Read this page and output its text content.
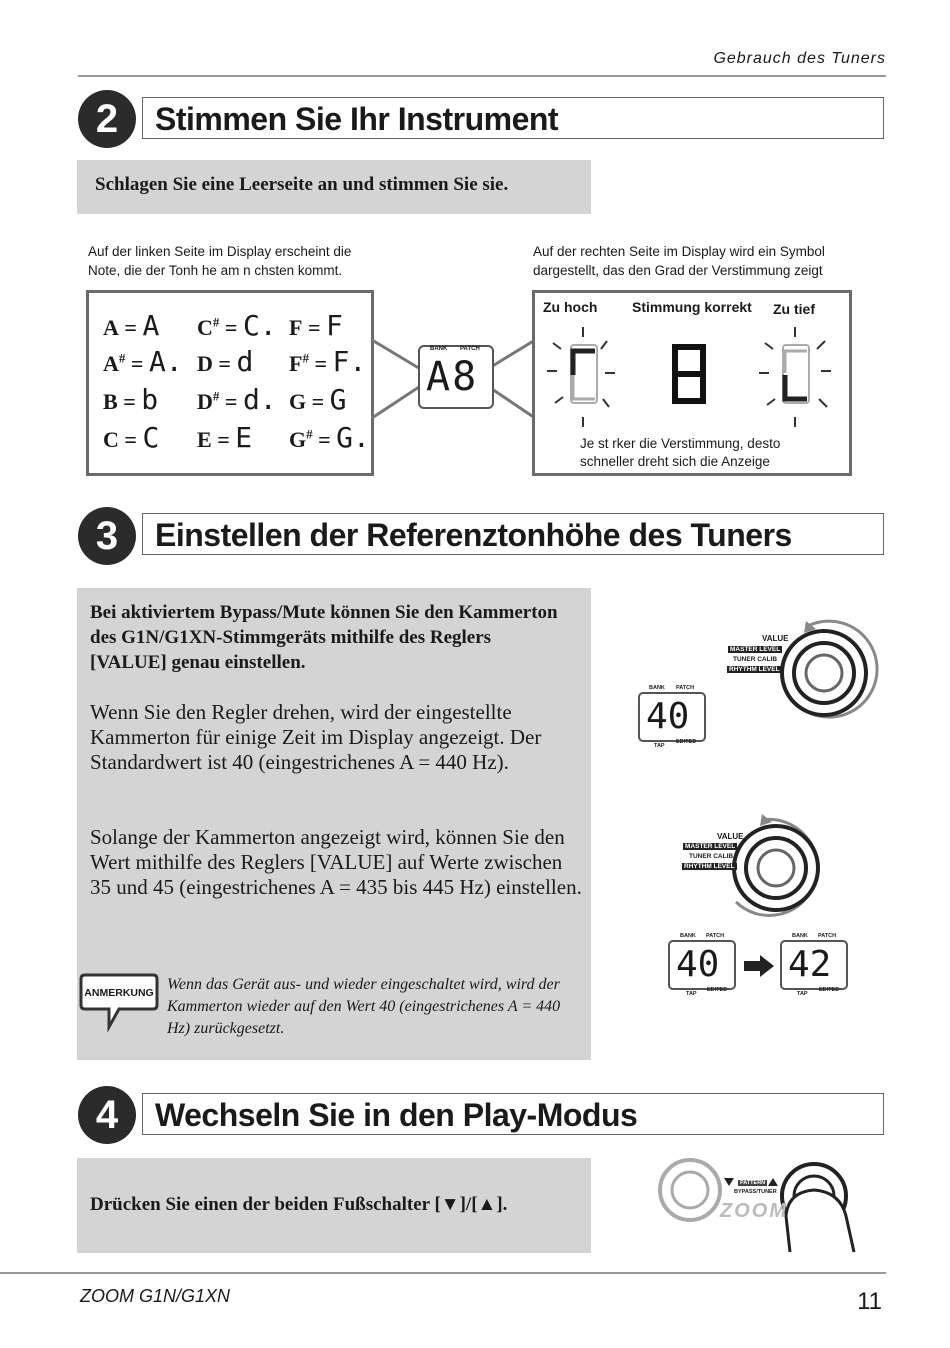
Gebrauch des Tuners
2	Stimmen Sie Ihr Instrument
Schlagen Sie eine Leerseite an und stimmen Sie sie.
Auf der linken Seite im Display erscheint die
Note, die der Tonh he am n chsten kommt.
Auf der rechten Seite im Display wird ein Symbol
dargestellt, das den Grad der Verstimmung zeigt
A = A C# = C. F = F
A# = A. D = d F# = F.
B = b D# = d. G = G
C = C E = E G# = G.
BANK PATCH
A8
Zu hoch Stimmung korrekt Zu tief
Je st rker die Verstimmung, desto
schneller dreht sich die Anzeige
3	Einstellen der Referenztonhöhe des Tuners
Bei aktiviertem Bypass/Mute können Sie den Kammerton des G1N/G1XN-Stimmgeräts mithilfe des Reglers [VALUE] genau einstellen.
Wenn Sie den Regler drehen, wird der eingestellte Kammerton für einige Zeit im Display angezeigt. Der Standardwert ist 40 (eingestrichenes A = 440 Hz).
Solange der Kammerton angezeigt wird, können Sie den Wert mithilfe des Reglers [VALUE] auf Werte zwischen 35 und 45 (eingestrichenes A = 435 bis 445 Hz) einstellen.
ANMERKUNG Wenn das Gerät aus- und wieder eingeschaltet wird, wird der Kammerton wieder auf den Wert 40 (eingestrichenes A = 440 Hz) zurückgesetzt.
VALUE
MASTER LEVEL
TUNER CALIB
RHYTHM LEVEL
40
BANK PATCH
TAP
EDITED
VALUE
MASTER LEVEL
TUNER CALIB
RHYTHM LEVEL
40
BANK PATCH
TAP
EDITED
42
BANK PATCH
TAP
EDITED
4	Wechseln Sie in den Play-Modus
Drücken Sie einen der beiden Fußschalter [▼]/[▲].
PATTERN
BYPASS/TUNER
ZOOM
ZOOM G1N/G1XN	11
